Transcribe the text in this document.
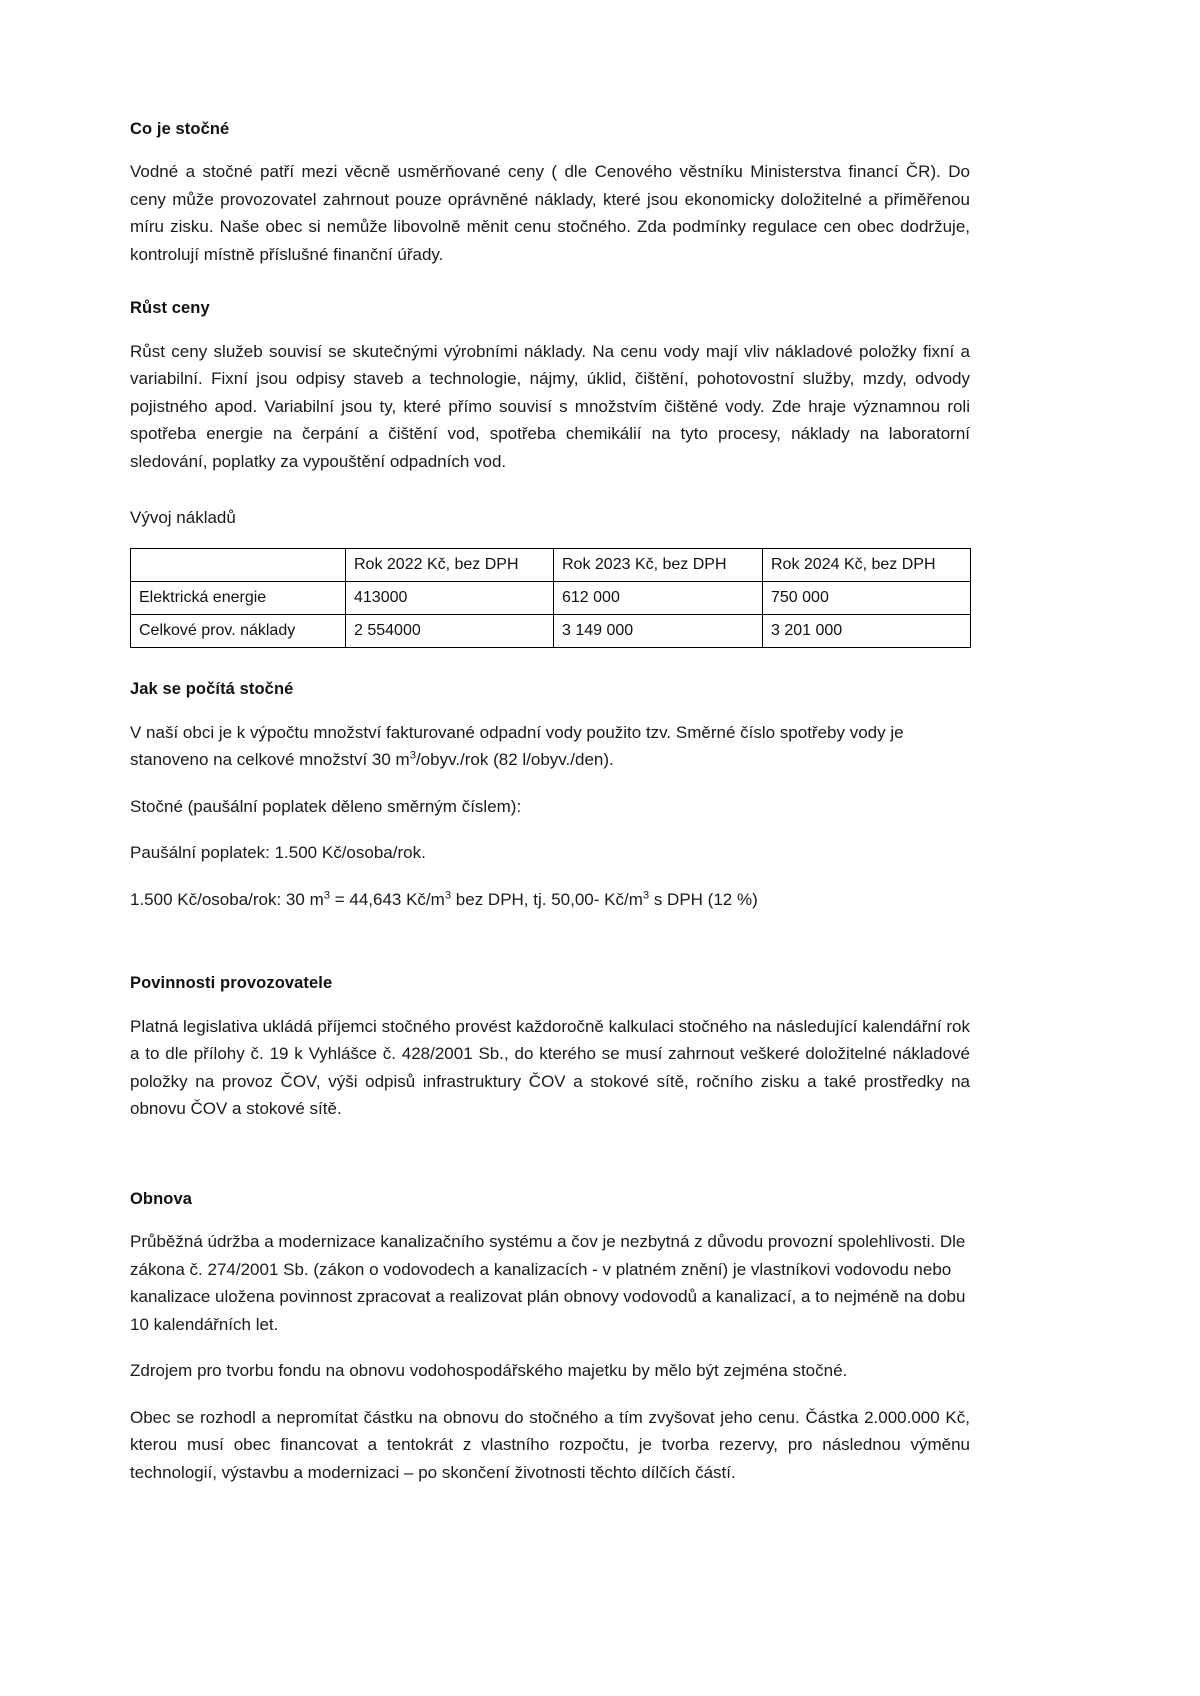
Co je stočné

Vodné a stočné patří mezi věcně usměrňované ceny ( dle Cenového věstníku Ministerstva financí ČR). Do ceny může provozovatel zahrnout pouze oprávněné náklady, které jsou ekonomicky doložitelné a přiměřenou míru zisku. Naše obec si nemůže libovolně měnit cenu stočného. Zda podmínky regulace cen obec dodržuje, kontrolují místně příslušné finanční úřady.

Růst ceny

Růst ceny služeb souvisí se skutečnými výrobními náklady. Na cenu vody mají vliv nákladové položky fixní a variabilní. Fixní jsou odpisy staveb a technologie, nájmy, úklid, čištění, pohotovostní služby, mzdy, odvody pojistného apod. Variabilní jsou ty, které přímo souvisí s množstvím čištěné vody. Zde hraje významnou roli spotřeba energie na čerpání a čištění vod, spotřeba chemikálií na tyto procesy, náklady na laboratorní sledování, poplatky za vypouštění odpadních vod.

Vývoj nákladů

	Rok 2022 Kč, bez DPH	Rok 2023 Kč, bez DPH	Rok 2024 Kč, bez DPH
Elektrická energie	413000	612 000	750 000
Celkové prov. náklady	2 554000	3 149 000	3 201 000
Jak se počítá stočné

V naší obci je k výpočtu množství fakturované odpadní vody použito tzv. Směrné číslo spotřeby vody je stanoveno na celkové množství 30 $m^3/obyv$./rok (82 l/obyv./den).

Stočné (paušální poplatek děleno směrným číslem):

Paušální poplatek: 1.500 Kč/osoba/rok.

1.500 Kč/osoba/rok: 30 $m^3 = 44,643$ $Kč/m^3$ bez DPH, tj. 50,00- $Kč/m^3$ s DPH (12 %)

Povinnosti provozovatele

Platná legislativa ukládá příjemci stočného provést každoročně kalkulaci stočného na následující kalendářní rok a to dle přílohy č. 19 k Vyhlášce č. 428/2001 Sb., do kterého se musí zahrnout veškeré doložitelné nákladové položky na provoz ČOV, výši odpisů infrastruktury ČOV a stokové sítě, ročního zisku a také prostředky na obnovu ČOV a stokové sítě.

Obnova

Průběžná údržba a modernizace kanalizačního systému a čov je nezbytná z důvodu provozní spolehlivosti. Dle zákona č. 274/2001 Sb. (zákon o vodovodech a kanalizacích - v platném znění) je vlastníkovi vodovodu nebo kanalizace uložena povinnost zpracovat a realizovat plán obnovy vodovodů a kanalizací, a to nejméně na dobu 10 kalendářních let.

Zdrojem pro tvorbu fondu na obnovu vodohospodářského majetku by mělo být zejména stočné.

Obec se rozhodl a nepromítat částku na obnovu do stočného a tím zvyšovat jeho cenu. Částka 2.000.000 Kč, kterou musí obec financovat a tentokrát z vlastního rozpočtu, je tvorba rezervy, pro následnou výměnu technologií, výstavbu a modernizaci – po skončení životnosti těchto dílčích částí.
